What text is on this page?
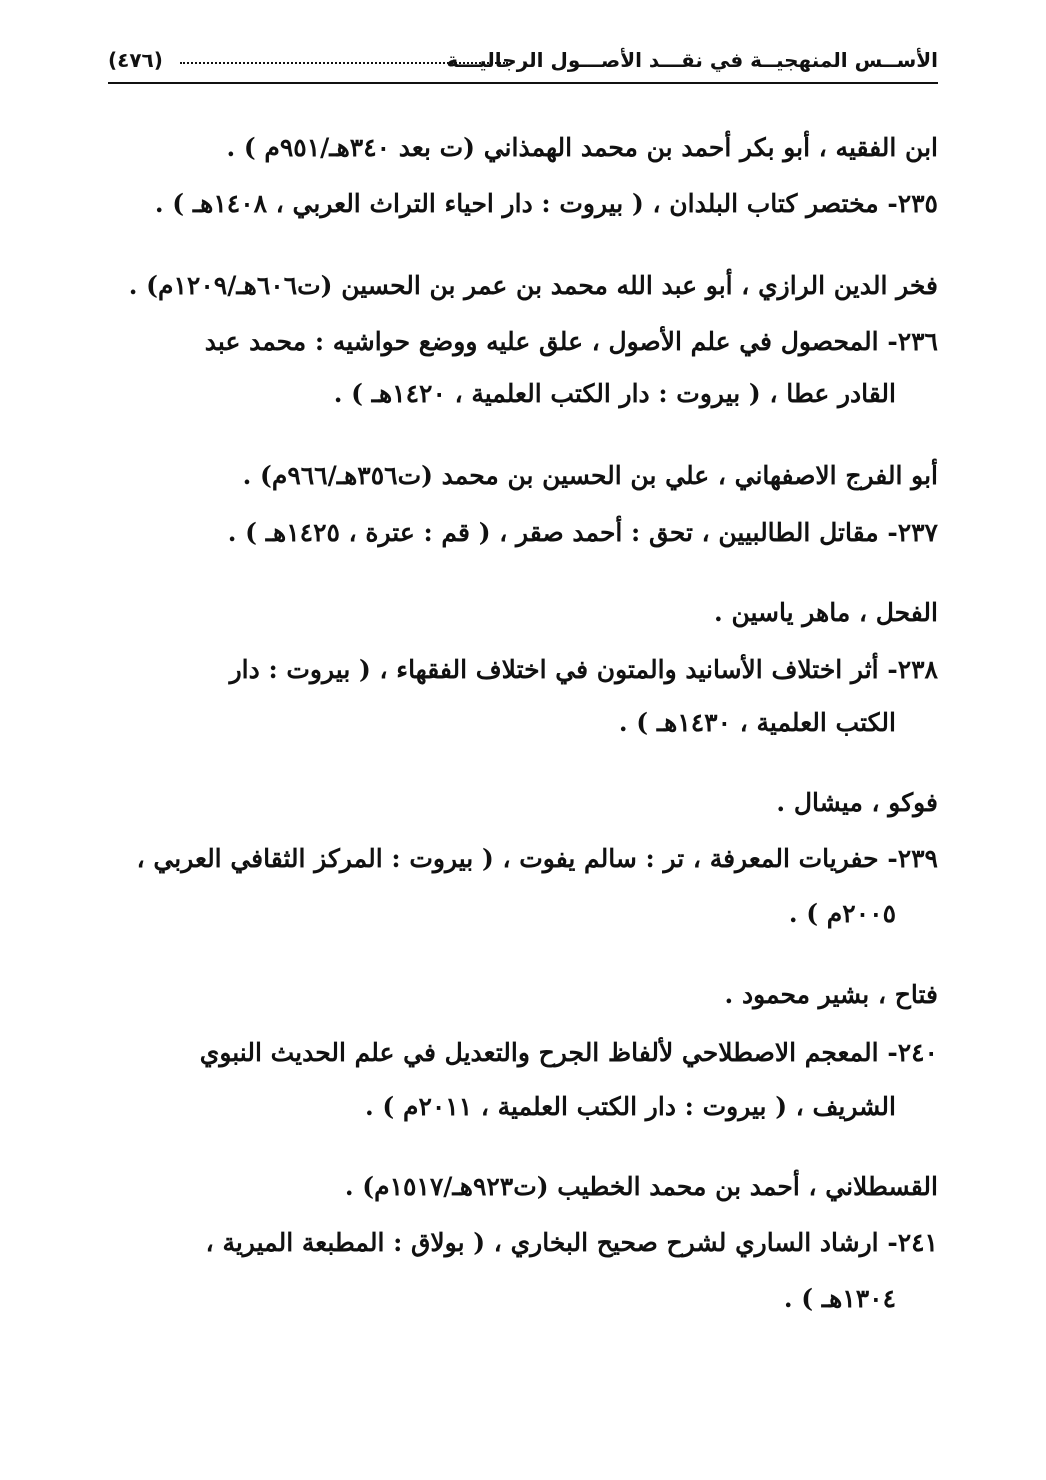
الأســس المنهجيــة في نقـــد الأصـــول الرجاليـــة
(٤٧٦)
ابن الفقيه ، أبو بكر أحمد بن محمد الهمذاني (ت بعد ٣٤٠هـ/٩٥١م ) .
٢٣٥- مختصر كتاب البلدان ، ( بيروت : دار احياء التراث العربي ، ١٤٠٨هـ ) .
فخر الدين الرازي ، أبو عبد الله محمد بن عمر بن الحسين (ت٦٠٦هـ/١٢٠٩م) .
٢٣٦- المحصول في علم الأصول ، علق عليه ووضع حواشيه : محمد عبد
القادر عطا ، ( بيروت : دار الكتب العلمية ، ١٤٢٠هـ ) .
أبو الفرج الاصفهاني ، علي بن الحسين بن محمد (ت٣٥٦هـ/٩٦٦م) .
٢٣٧- مقاتل الطالبيين ، تحق : أحمد صقر ، ( قم : عترة ، ١٤٢٥هـ ) .
الفحل ، ماهر ياسين .
٢٣٨- أثر اختلاف الأسانيد والمتون في اختلاف الفقهاء ، ( بيروت : دار
الكتب العلمية ، ١٤٣٠هـ ) .
فوكو ، ميشال .
٢٣٩- حفريات المعرفة ، تر : سالم يفوت ، ( بيروت : المركز الثقافي العربي ،
٢٠٠٥م ) .
فتاح ، بشير محمود .
٢٤٠- المعجم الاصطلاحي لألفاظ الجرح والتعديل في علم الحديث النبوي
الشريف ، ( بيروت : دار الكتب العلمية ، ٢٠١١م ) .
القسطلاني ، أحمد بن محمد الخطيب (ت٩٢٣هـ/١٥١٧م) .
٢٤١- ارشاد الساري لشرح صحيح البخاري ، ( بولاق : المطبعة الميرية ،
١٣٠٤هـ ) .
